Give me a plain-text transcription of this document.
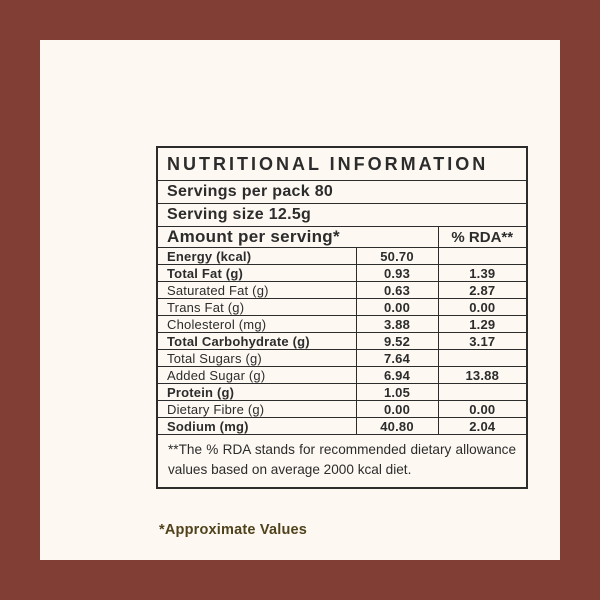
NUTRITIONAL INFORMATION		
Servings per pack 80		
Serving size 12.5g		
Amount per serving*		% RDA**
Energy (kcal)	50.70	
Total Fat (g)	0.93	1.39
Saturated Fat (g)	0.63	2.87
Trans Fat (g)	0.00	0.00
Cholesterol (mg)	3.88	1.29
Total Carbohydrate (g)	9.52	3.17
Total Sugars (g)	7.64	
Added Sugar (g)	6.94	13.88
Protein (g)	1.05	
Dietary Fibre (g)	0.00	0.00
Sodium (mg)	40.80	2.04
**The % RDA stands for recommended dietary allowance values based on average 2000 kcal diet.		
*Approximate Values
